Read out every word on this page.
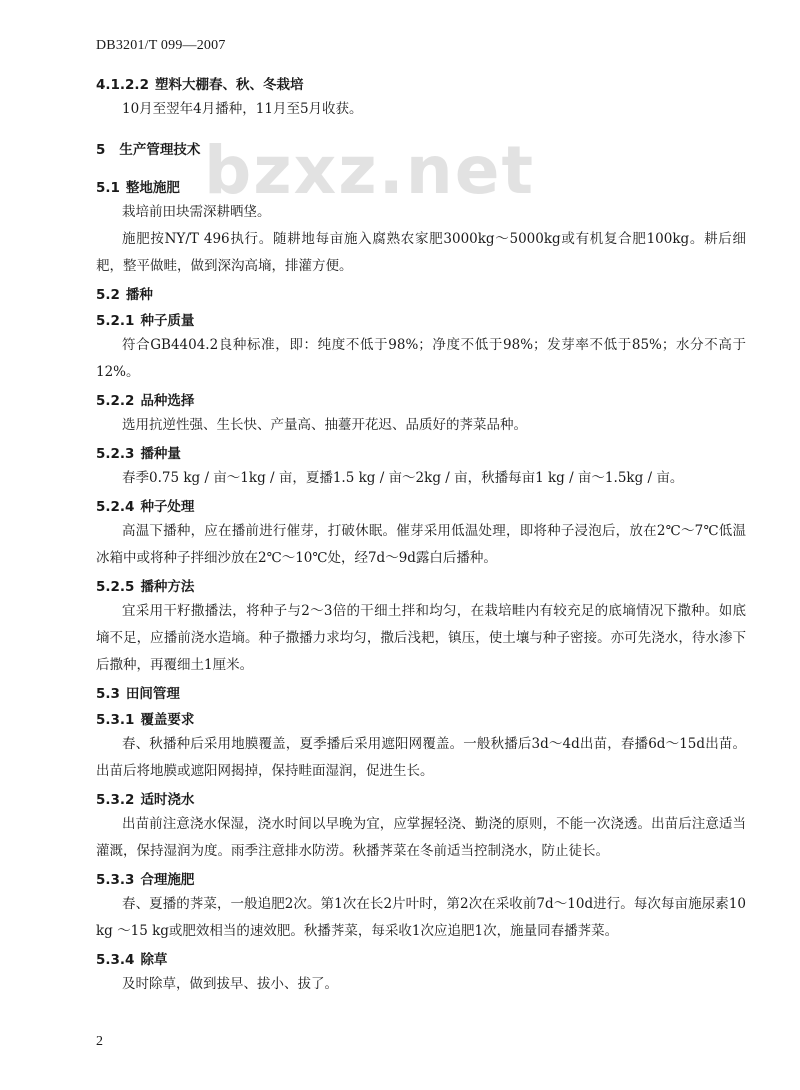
DB3201/T 099—2007
bzxz.net
4.1.2.2 塑料大棚春、秋、冬栽培

10月至翌年4月播种，11月至5月收获。

5 生产管理技术
5.1 整地施肥

栽培前田块需深耕晒垡。

施肥按NY/T 496执行。随耕地每亩施入腐熟农家肥3000kg～5000kg或有机复合肥100kg。耕后细耙，整平做畦，做到深沟高墒，排灌方便。

5.2 播种
5.2.1 种子质量

符合GB4404.2良种标准，即：纯度不低于98%；净度不低于98%；发芽率不低于85%；水分不高于12%。

5.2.2 品种选择

选用抗逆性强、生长快、产量高、抽薹开花迟、品质好的荠菜品种。

5.2.3 播种量

春季0.75 kg / 亩～1kg / 亩，夏播1.5 kg / 亩～2kg / 亩，秋播每亩1 kg / 亩～1.5kg / 亩。

5.2.4 种子处理

高温下播种，应在播前进行催芽，打破休眠。催芽采用低温处理，即将种子浸泡后，放在2℃～7℃低温冰箱中或将种子拌细沙放在2℃～10℃处，经7d～9d露白后播种。

5.2.5 播种方法

宜采用干籽撒播法，将种子与2～3倍的干细土拌和均匀，在栽培畦内有较充足的底墒情况下撒种。如底墒不足，应播前浇水造墒。种子撒播力求均匀，撒后浅耙，镇压，使土壤与种子密接。亦可先浇水，待水渗下后撒种，再覆细土1厘米。

5.3 田间管理
5.3.1 覆盖要求

春、秋播种后采用地膜覆盖，夏季播后采用遮阳网覆盖。一般秋播后3d～4d出苗，春播6d～15d出苗。出苗后将地膜或遮阳网揭掉，保持畦面湿润，促进生长。

5.3.2 适时浇水

出苗前注意浇水保湿，浇水时间以早晚为宜，应掌握轻浇、勤浇的原则，不能一次浇透。出苗后注意适当灌溉，保持湿润为度。雨季注意排水防涝。秋播荠菜在冬前适当控制浇水，防止徒长。

5.3.3 合理施肥

春、夏播的荠菜，一般追肥2次。第1次在长2片叶时，第2次在采收前7d～10d进行。每次每亩施尿素10 kg ～15 kg或肥效相当的速效肥。秋播荠菜，每采收1次应追肥1次，施量同春播荠菜。

5.3.4 除草

及时除草，做到拔早、拔小、拔了。

2
